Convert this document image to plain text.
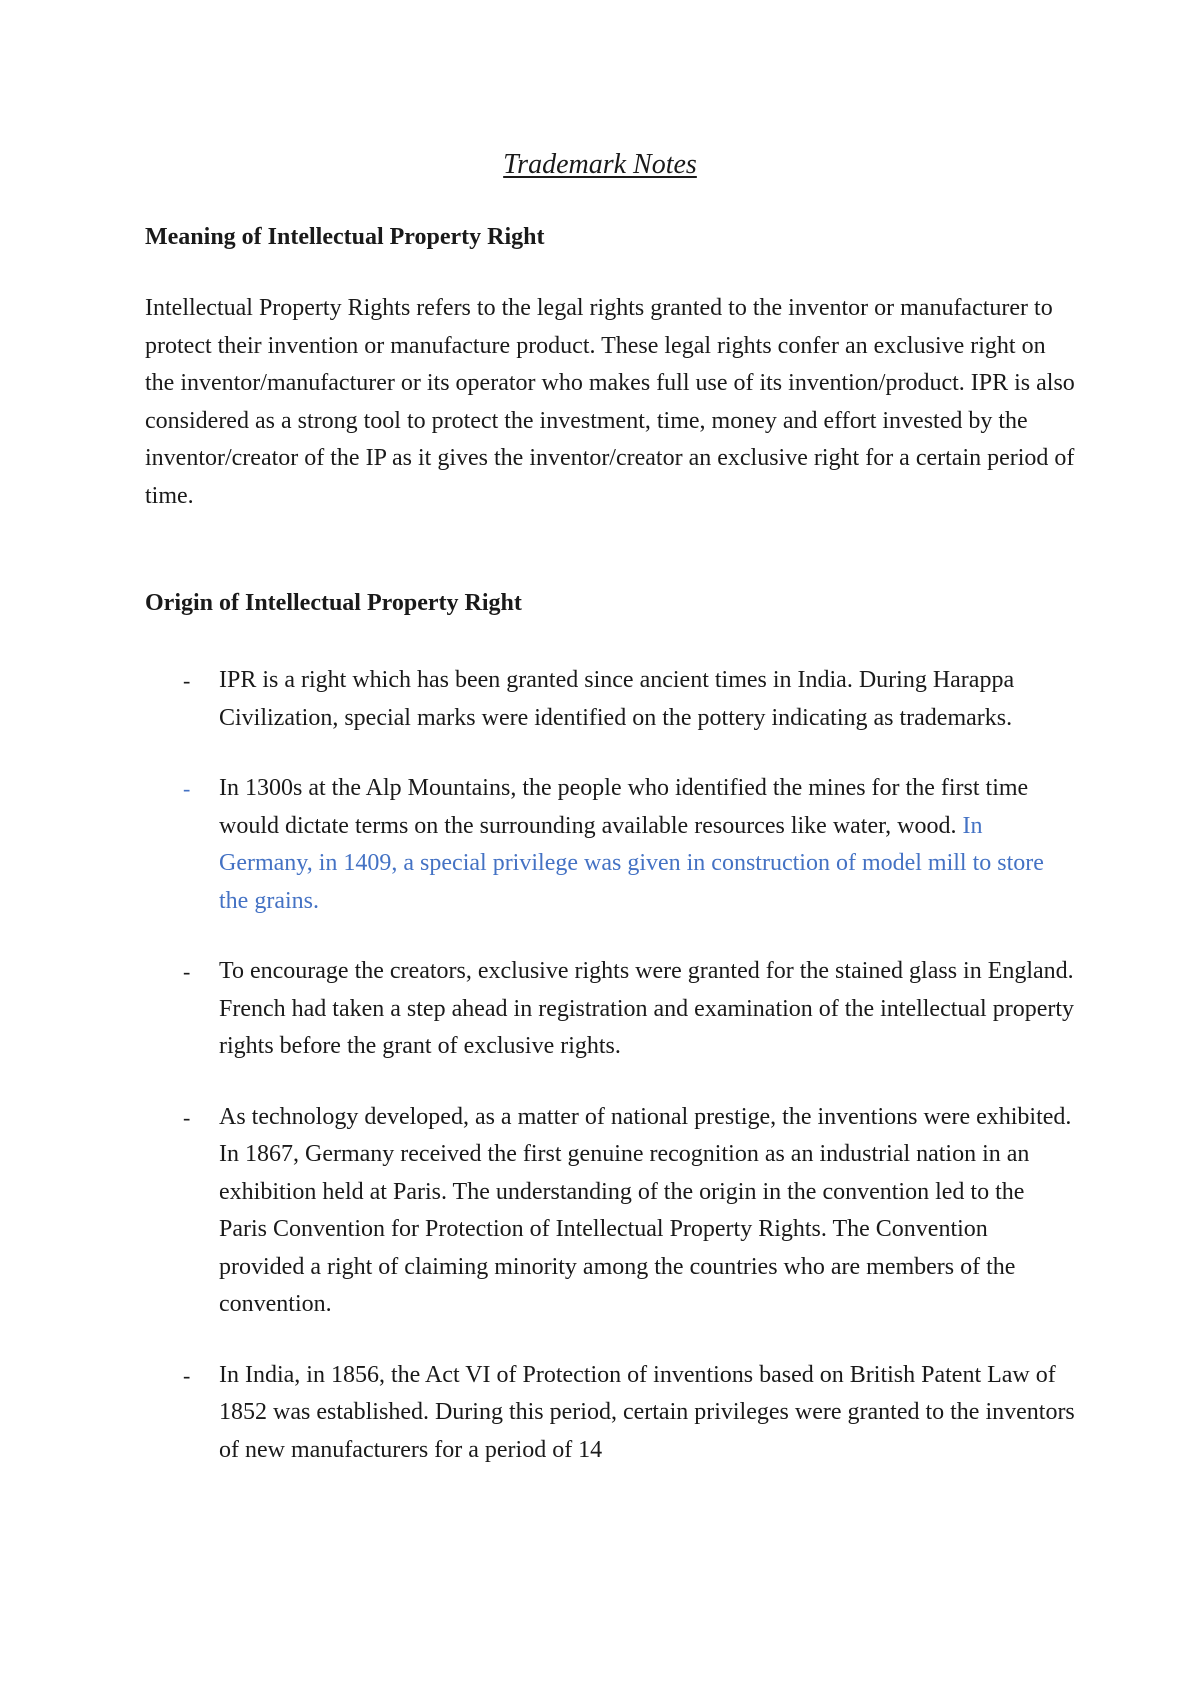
Trademark Notes
Meaning of Intellectual Property Right

Intellectual Property Rights refers to the legal rights granted to the inventor or manufacturer to protect their invention or manufacture product. These legal rights confer an exclusive right on the inventor/manufacturer or its operator who makes full use of its invention/product. IPR is also considered as a strong tool to protect the investment, time, money and effort invested by the inventor/creator of the IP as it gives the inventor/creator an exclusive right for a certain period of time.

Origin of Intellectual Property Right
- IPR is a right which has been granted since ancient times in India. During Harappa Civilization, special marks were identified on the pottery indicating as trademarks.
- In 1300s at the Alp Mountains, the people who identified the mines for the first time would dictate terms on the surrounding available resources like water, wood. In Germany, in 1409, a special privilege was given in construction of model mill to store the grains.
- To encourage the creators, exclusive rights were granted for the stained glass in England. French had taken a step ahead in registration and examination of the intellectual property rights before the grant of exclusive rights.
- As technology developed, as a matter of national prestige, the inventions were exhibited. In 1867, Germany received the first genuine recognition as an industrial nation in an exhibition held at Paris. The understanding of the origin in the convention led to the Paris Convention for Protection of Intellectual Property Rights. The Convention provided a right of claiming minority among the countries who are members of the convention.
- In India, in 1856, the Act VI of Protection of inventions based on British Patent Law of 1852 was established. During this period, certain privileges were granted to the inventors of new manufacturers for a period of 14
